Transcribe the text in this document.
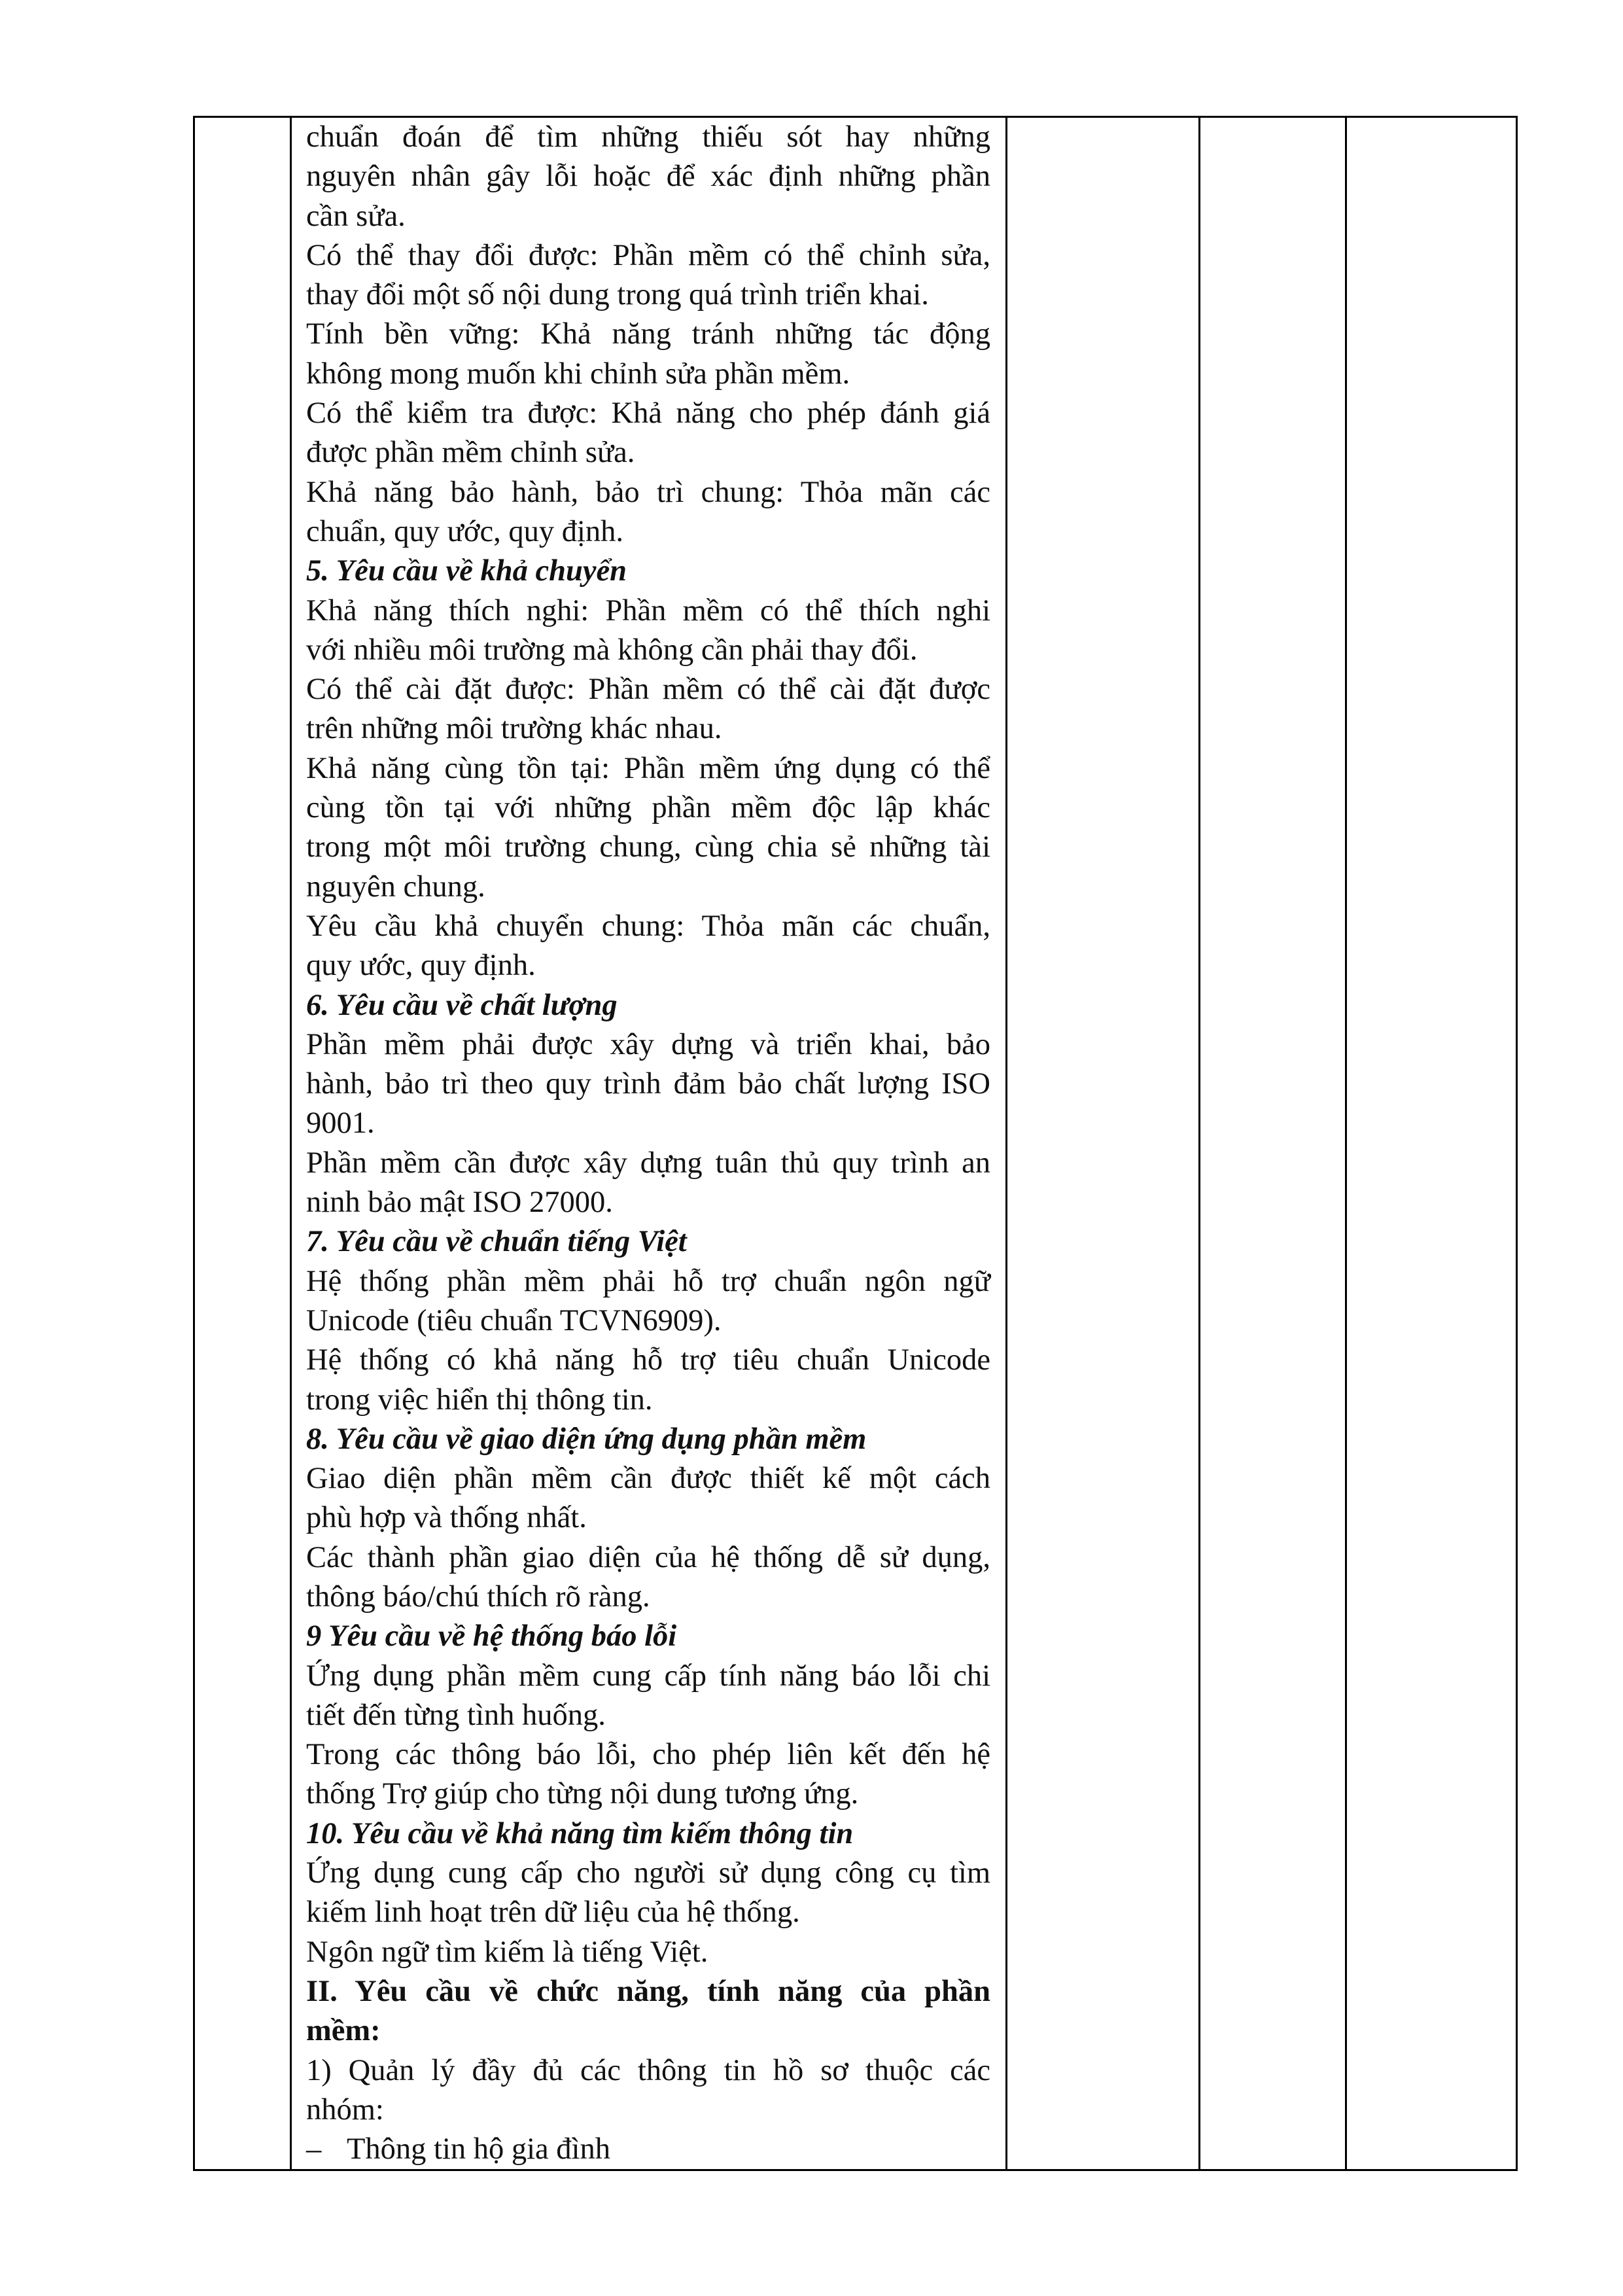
chuẩn đoán để tìm những thiếu sót hay những
nguyên nhân gây lỗi hoặc để xác định những phần
cần sửa.
Có thể thay đổi được: Phần mềm có thể chỉnh sửa,
thay đổi một số nội dung trong quá trình triển khai.
Tính bền vững: Khả năng tránh những tác động
không mong muốn khi chỉnh sửa phần mềm.
Có thể kiểm tra được: Khả năng cho phép đánh giá
được phần mềm chỉnh sửa.
Khả năng bảo hành, bảo trì chung: Thỏa mãn các
chuẩn, quy ước, quy định.
5. Yêu cầu về khả chuyển
Khả năng thích nghi: Phần mềm có thể thích nghi
với nhiều môi trường mà không cần phải thay đổi.
Có thể cài đặt được: Phần mềm có thể cài đặt được
trên những môi trường khác nhau.
Khả năng cùng tồn tại: Phần mềm ứng dụng có thể
cùng tồn tại với những phần mềm độc lập khác
trong một môi trường chung, cùng chia sẻ những tài
nguyên chung.
Yêu cầu khả chuyển chung: Thỏa mãn các chuẩn,
quy ước, quy định.
6. Yêu cầu về chất lượng
Phần mềm phải được xây dựng và triển khai, bảo
hành, bảo trì theo quy trình đảm bảo chất lượng ISO
9001.
Phần mềm cần được xây dựng tuân thủ quy trình an
ninh bảo mật ISO 27000.
7. Yêu cầu về chuẩn tiếng Việt
Hệ thống phần mềm phải hỗ trợ chuẩn ngôn ngữ
Unicode (tiêu chuẩn TCVN6909).
Hệ thống có khả năng hỗ trợ tiêu chuẩn Unicode
trong việc hiển thị thông tin.
8. Yêu cầu về giao diện ứng dụng phần mềm
Giao diện phần mềm cần được thiết kế một cách
phù hợp và thống nhất.
Các thành phần giao diện của hệ thống dễ sử dụng,
thông báo/chú thích rõ ràng.
9 Yêu cầu về hệ thống báo lỗi
Ứng dụng phần mềm cung cấp tính năng báo lỗi chi
tiết đến từng tình huống.
Trong các thông báo lỗi, cho phép liên kết đến hệ
thống Trợ giúp cho từng nội dung tương ứng.
10. Yêu cầu về khả năng tìm kiếm thông tin
Ứng dụng cung cấp cho người sử dụng công cụ tìm
kiếm linh hoạt trên dữ liệu của hệ thống.
Ngôn ngữ tìm kiếm là tiếng Việt.
II. Yêu cầu về chức năng, tính năng của phần
mềm:
1) Quản lý đầy đủ các thông tin hồ sơ thuộc các
nhóm:
– Thông tin hộ gia đình
